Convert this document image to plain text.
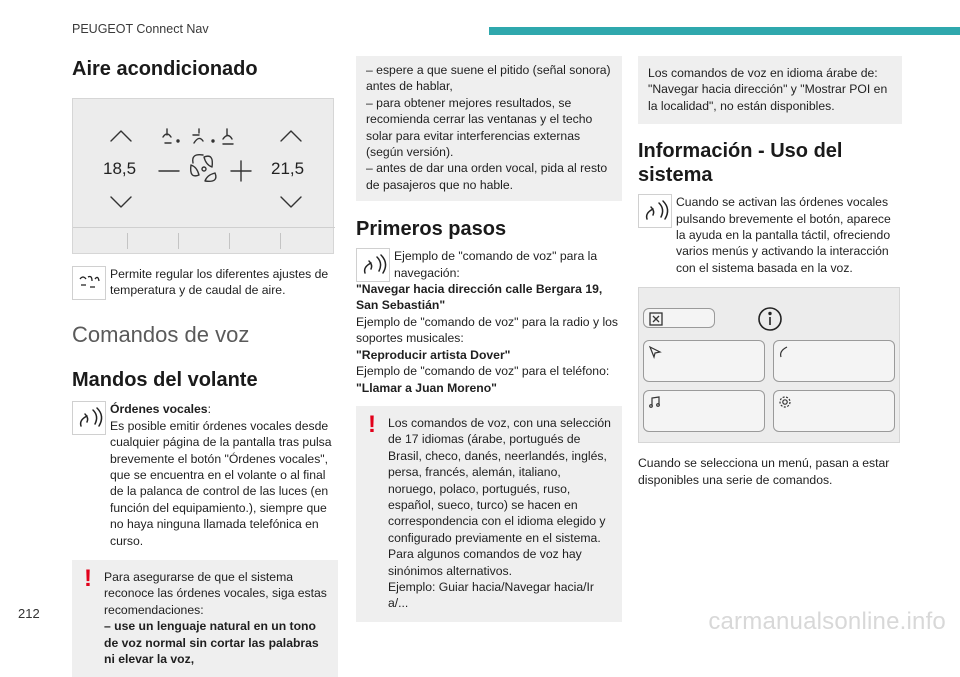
PEUGEOT Connect Nav
Aire acondicionado
18,5	21,5
Permite regular los diferentes ajustes de temperatura y de caudal de aire.
Comandos de voz
Mandos del volante
Órdenes vocales:
Es posible emitir órdenes vocales desde cualquier página de la pantalla tras pulsa brevemente el botón "Órdenes vocales", que se encuentra en el volante o al final de la palanca de control de las luces (en función del equipamiento.), siempre que no haya ninguna llamada telefónica en curso.
! Para asegurarse de que el sistema reconoce las órdenes vocales, siga estas recomendaciones:
– use un lenguaje natural en un tono de voz normal sin cortar las palabras ni elevar la voz,
– espere a que suene el pitido (señal sonora) antes de hablar,
– para obtener mejores resultados, se recomienda cerrar las ventanas y el techo solar para evitar interferencias externas (según versión).
– antes de dar una orden vocal, pida al resto de pasajeros que no hable.
Primeros pasos
Ejemplo de "comando de voz" para la navegación:
"Navegar hacia dirección calle Bergara 19, San Sebastián"
Ejemplo de "comando de voz" para la radio y los soportes musicales:
"Reproducir artista Dover"
Ejemplo de "comando de voz" para el teléfono:
"Llamar a Juan Moreno"
! Los comandos de voz, con una selección de 17 idiomas (árabe, portugués de Brasil, checo, danés, neerlandés, inglés, persa, francés, alemán, italiano, noruego, polaco, portugués, ruso, español, sueco, turco) se hacen en correspondencia con el idioma elegido y configurado previamente en el sistema.
Para algunos comandos de voz hay sinónimos alternativos.
Ejemplo: Guiar hacia/Navegar hacia/Ir a/...
Los comandos de voz en idioma árabe de: "Navegar hacia dirección" y "Mostrar POI en la localidad", no están disponibles.
Información - Uso del sistema
Cuando se activan las órdenes vocales pulsando brevemente el botón, aparece la ayuda en la pantalla táctil, ofreciendo varios menús y activando la interacción con el sistema basada en la voz.
Cuando se selecciona un menú, pasan a estar disponibles una serie de comandos.
212	carmanualsonline.info
